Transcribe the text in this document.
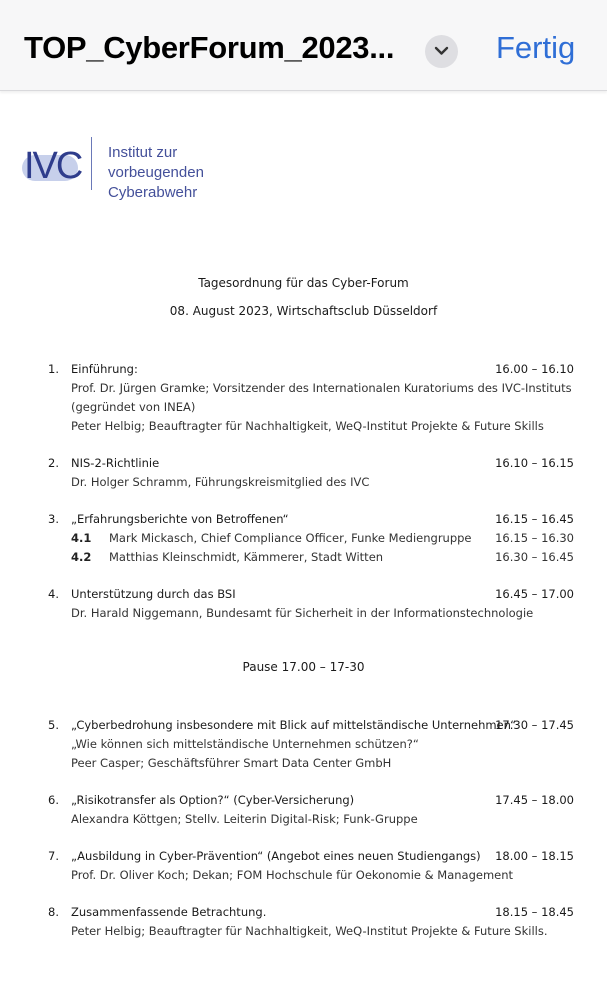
TOP_CyberForum_2023...	Fertig
IVC Institut zur vorbeugenden
Cyberabwehr
Tagesordnung für das Cyber-Forum
08. August 2023, Wirtschaftsclub Düsseldorf
1. Einführung:	16.00 – 16.10
Prof. Dr. Jürgen Gramke; Vorsitzender des Internationalen Kuratoriums des IVC-Instituts
(gegründet von INEA)
Peter Helbig; Beauftragter für Nachhaltigkeit, WeQ-Institut Projekte & Future Skills
2. NIS-2-Richtlinie	16.10 – 16.15
Dr. Holger Schramm, Führungskreismitglied des IVC
3. „Erfahrungsberichte von Betroffenen“	16.15 – 16.45
4.1 Mark Mickasch, Chief Compliance Officer, Funke Mediengruppe 16.15 – 16.30
4.2 Matthias Kleinschmidt, Kämmerer, Stadt Witten	16.30 – 16.45
4. Unterstützung durch das BSI	16.45 – 17.00
Dr. Harald Niggemann, Bundesamt für Sicherheit in der Informationstechnologie
Pause 17.00 – 17-30
5. „Cyberbedrohung insbesondere mit Blick auf mittelständische Unternehmen“
17.30 – 17.45
„Wie können sich mittelständische Unternehmen schützen?“
Peer Casper; Geschäftsführer Smart Data Center GmbH
6. „Risikotransfer als Option?“ (Cyber-Versicherung)	17.45 – 18.00
Alexandra Köttgen; Stellv. Leiterin Digital-Risk; Funk-Gruppe
7. „Ausbildung in Cyber-Prävention“ (Angebot eines neuen Studiengangs) 18.00 – 18.15
Prof. Dr. Oliver Koch; Dekan; FOM Hochschule für Oekonomie & Management
8. Zusammenfassende Betrachtung.	18.15 – 18.45
Peter Helbig; Beauftragter für Nachhaltigkeit, WeQ-Institut Projekte & Future Skills.
